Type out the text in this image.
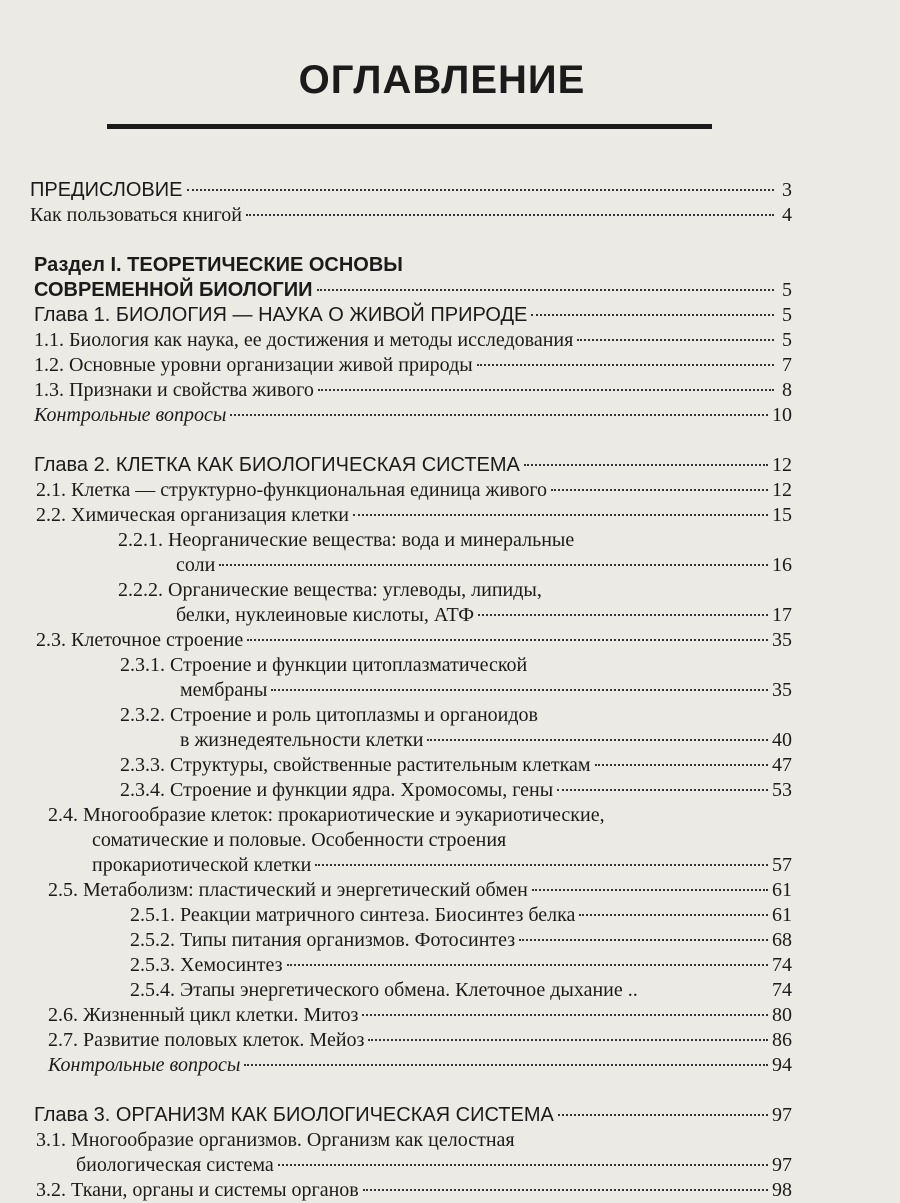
ОГЛАВЛЕНИЕ
ПРЕДИСЛОВИЕ	3
Как пользоваться книгой	4
Раздел I. ТЕОРЕТИЧЕСКИЕ ОСНОВЫ
СОВРЕМЕННОЙ БИОЛОГИИ	5
Глава 1. БИОЛОГИЯ — НАУКА О ЖИВОЙ ПРИРОДЕ	5
1.1. Биология как наука, ее достижения и методы исследования	5
1.2. Основные уровни организации живой природы	7
1.3. Признаки и свойства живого	8
Контрольные вопросы	10
Глава 2. КЛЕТКА КАК БИОЛОГИЧЕСКАЯ СИСТЕМА	12
2.1. Клетка — структурно-функциональная единица живого	12
2.2. Химическая организация клетки	15
2.2.1. Неорганические вещества: вода и минеральные
соли	16
2.2.2. Органические вещества: углеводы, липиды,
белки, нуклеиновые кислоты, АТФ	17
2.3. Клеточное строение	35
2.3.1. Строение и функции цитоплазматической
мембраны	35
2.3.2. Строение и роль цитоплазмы и органоидов
в жизнедеятельности клетки	40
2.3.3. Структуры, свойственные растительным клеткам	47
2.3.4. Строение и функции ядра. Хромосомы, гены	53
2.4. Многообразие клеток: прокариотические и эукариотические,
соматические и половые. Особенности строения
прокариотической клетки	57
2.5. Метаболизм: пластический и энергетический обмен	61
2.5.1. Реакции матричного синтеза. Биосинтез белка	61
2.5.2. Типы питания организмов. Фотосинтез	68
2.5.3. Хемосинтез	74
2.5.4. Этапы энергетического обмена. Клеточное дыхание ..	74
2.6. Жизненный цикл клетки. Митоз	80
2.7. Развитие половых клеток. Мейоз	86
Контрольные вопросы	94
Глава 3. ОРГАНИЗМ КАК БИОЛОГИЧЕСКАЯ СИСТЕМА	97
3.1. Многообразие организмов. Организм как целостная
биологическая система	97
3.2. Ткани, органы и системы органов	98
